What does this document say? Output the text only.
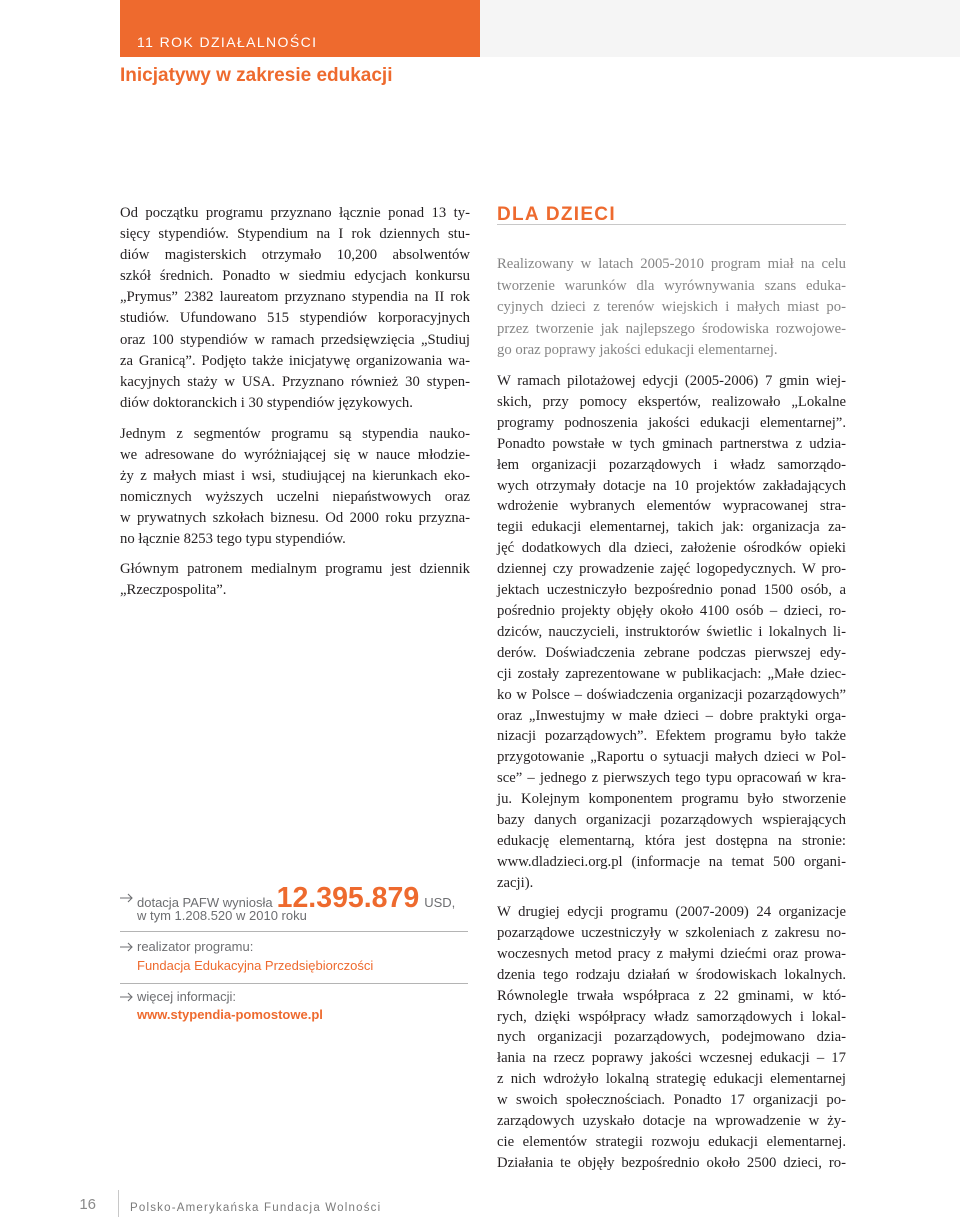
11 ROK DZIAŁALNOŚCI
Inicjatywy w zakresie edukacji
Od początku programu przyznano łącznie ponad 13 ty-
sięcy stypendiów. Stypendium na I rok dziennych stu-
diów magisterskich otrzymało 10,200 absolwentów
szkół średnich. Ponadto w siedmiu edycjach konkursu
„Prymus” 2382 laureatom przyznano stypendia na II rok
studiów. Ufundowano 515 stypendiów korporacyjnych
oraz 100 stypendiów w ramach przedsięwzięcia „Studiuj
za Granicą”. Podjęto także inicjatywę organizowania wa-
kacyjnych staży w USA. Przyznano również 30 stypen-
diów doktoranckich i 30 stypendiów językowych.
Jednym z segmentów programu są stypendia nauko-
we adresowane do wyróżniającej się w nauce młodzie-
ży z małych miast i wsi, studiującej na kierunkach eko-
nomicznych wyższych uczelni niepaństwowych oraz
w prywatnych szkołach biznesu. Od 2000 roku przyzna-
no łącznie 8253 tego typu stypendiów.
Głównym patronem medialnym programu jest dziennik
„Rzeczpospolita”.
dotacja PAFW wyniosła 12.395.879 USD,
w tym 1.208.520 w 2010 roku
realizator programu:
Fundacja Edukacyjna Przedsiębiorczości
więcej informacji:
www.stypendia-pomostowe.pl
DLA DZIECI
Realizowany w latach 2005-2010 program miał na celu
tworzenie warunków dla wyrównywania szans eduka-
cyjnych dzieci z terenów wiejskich i małych miast po-
przez tworzenie jak najlepszego środowiska rozwojowe-
go oraz poprawy jakości edukacji elementarnej.
W ramach pilotażowej edycji (2005-2006) 7 gmin wiej-
skich, przy pomocy ekspertów, realizowało „Lokalne
programy podnoszenia jakości edukacji elementarnej”.
Ponadto powstałe w tych gminach partnerstwa z udzia-
łem organizacji pozarządowych i władz samorządo-
wych otrzymały dotacje na 10 projektów zakładających
wdrożenie wybranych elementów wypracowanej stra-
tegii edukacji elementarnej, takich jak: organizacja za-
jęć dodatkowych dla dzieci, założenie ośrodków opieki
dziennej czy prowadzenie zajęć logopedycznych. W pro-
jektach uczestniczyło bezpośrednio ponad 1500 osób, a
pośrednio projekty objęły około 4100 osób – dzieci, ro-
dziców, nauczycieli, instruktorów świetlic i lokalnych li-
derów. Doświadczenia zebrane podczas pierwszej edy-
cji zostały zaprezentowane w publikacjach: „Małe dziec-
ko w Polsce – doświadczenia organizacji pozarządowych”
oraz „Inwestujmy w małe dzieci – dobre praktyki orga-
nizacji pozarządowych”. Efektem programu było także
przygotowanie „Raportu o sytuacji małych dzieci w Pol-
sce” – jednego z pierwszych tego typu opracowań w kra-
ju. Kolejnym komponentem programu było stworzenie
bazy danych organizacji pozarządowych wspierających
edukację elementarną, która jest dostępna na stronie:
www.dladzieci.org.pl (informacje na temat 500 organi-
zacji).
W drugiej edycji programu (2007-2009) 24 organizacje
pozarządowe uczestniczyły w szkoleniach z zakresu no-
woczesnych metod pracy z małymi dziećmi oraz prowa-
dzenia tego rodzaju działań w środowiskach lokalnych.
Równolegle trwała współpraca z 22 gminami, w któ-
rych, dzięki współpracy władz samorządowych i lokal-
nych organizacji pozarządowych, podejmowano dzia-
łania na rzecz poprawy jakości wczesnej edukacji – 17
z nich wdrożyło lokalną strategię edukacji elementarnej
w swoich społecznościach. Ponadto 17 organizacji po-
zarządowych uzyskało dotacje na wprowadzenie w ży-
cie elementów strategii rozwoju edukacji elementarnej.
Działania te objęły bezpośrednio około 2500 dzieci, ro-
16	Polsko-Amerykańska Fundacja Wolności
